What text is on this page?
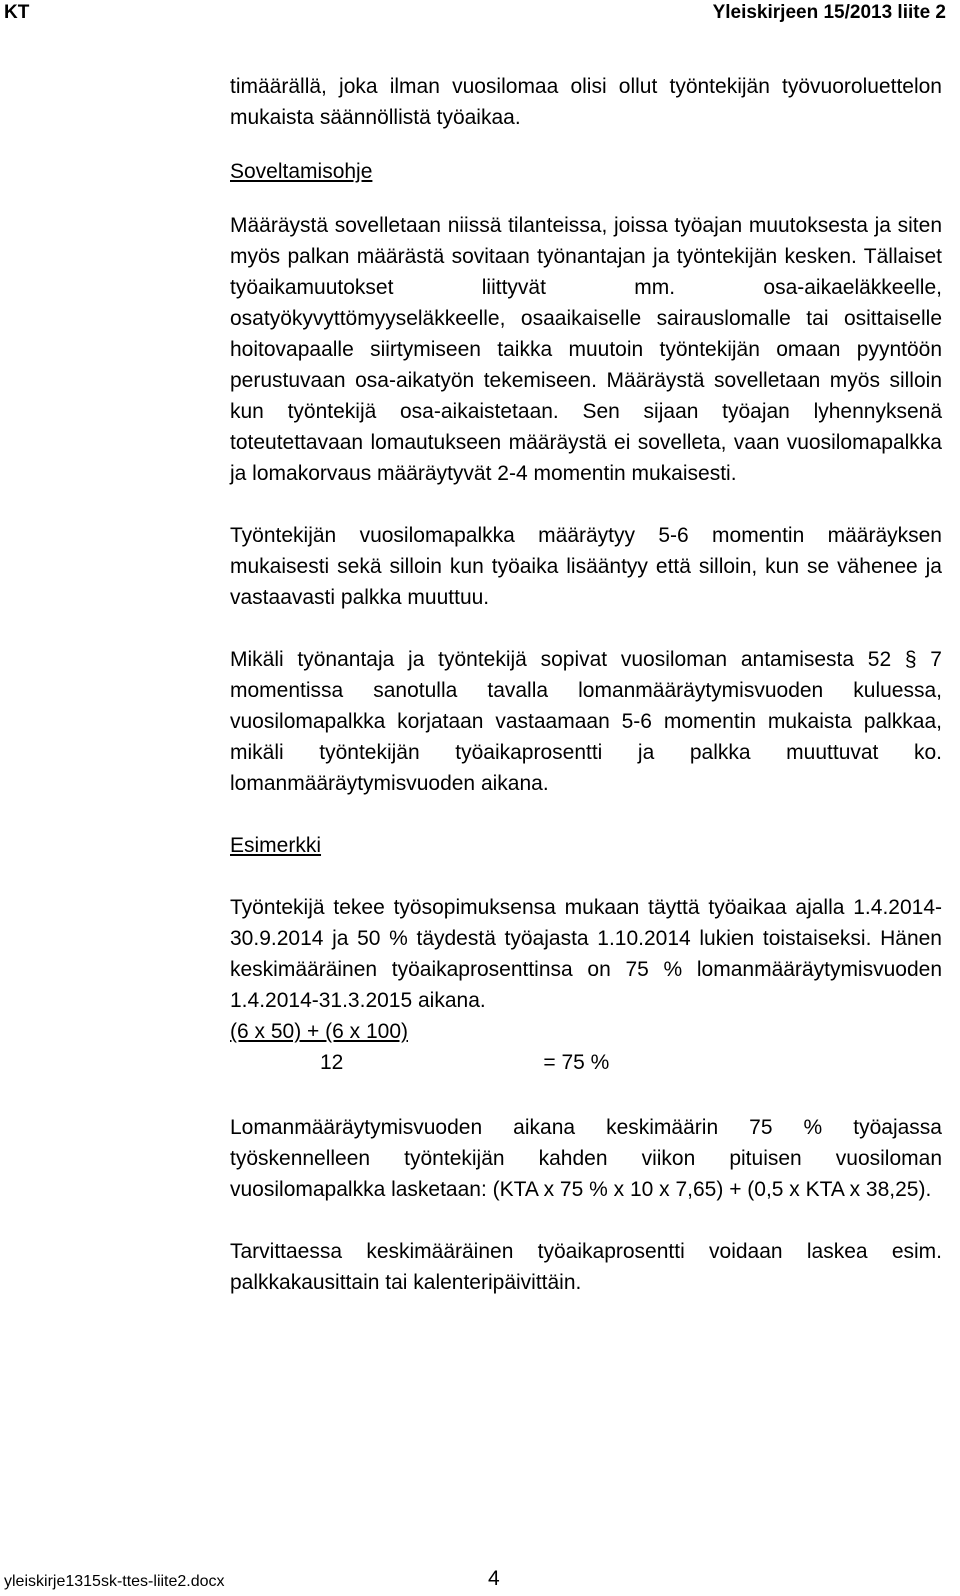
KT	Yleiskirjeen 15/2013 liite 2

timäärällä, joka ilman vuosilomaa olisi ollut työntekijän työvuoroluettelon mukaista säännöllistä työaikaa.

Soveltamisohje

Määräystä sovelletaan niissä tilanteissa, joissa työajan muutoksesta ja siten myös palkan määrästä sovitaan työnantajan ja työntekijän kesken. Tällaiset työaikamuutokset liittyvät mm. osa-aikaeläkkeelle, osatyökyvyttömyyseläkkeelle, osaaikaiselle sairauslomalle tai osittaiselle hoitovapaalle siirtymiseen taikka muutoin työntekijän omaan pyyntöön perustuvaan osa-aikatyön tekemiseen. Määräystä sovelletaan myös silloin kun työntekijä osa-aikaistetaan. Sen sijaan työajan lyhennyksenä toteutettavaan lomautukseen määräystä ei sovelleta, vaan vuosilomapalkka ja lomakorvaus määräytyvät 2-4 momentin mukaisesti.

Työntekijän vuosilomapalkka määräytyy 5-6 momentin määräyksen mukaisesti sekä silloin kun työaika lisääntyy että silloin, kun se vähenee ja vastaavasti palkka muuttuu.

Mikäli työnantaja ja työntekijä sopivat vuosiloman antamisesta 52 § 7 momentissa sanotulla tavalla lomanmääräytymisvuoden kuluessa, vuosilomapalkka korjataan vastaamaan 5-6 momentin mukaista palkkaa, mikäli työntekijän työaikaprosentti ja palkka muuttuvat ko. lomanmääräytymisvuoden aikana.

Esimerkki

Työntekijä tekee työsopimuksensa mukaan täyttä työaikaa ajalla 1.4.2014-30.9.2014 ja 50 % täydestä työajasta 1.10.2014 lukien toistaiseksi. Hänen keskimääräinen työaikaprosenttinsa on 75 % lomanmääräytymisvuoden 1.4.2014-31.3.2015 aikana.

(6 x 50) + (6 x 100)
12	= 75 %

Lomanmääräytymisvuoden aikana keskimäärin 75 % työajassa työskennelleen työntekijän kahden viikon pituisen vuosiloman vuosilomapalkka lasketaan: (KTA x 75 % x 10 x 7,65) + (0,5 x KTA x 38,25).

Tarvittaessa keskimääräinen työaikaprosentti voidaan laskea esim. palkkakausittain tai kalenteripäivittäin.

yleiskirje1315sk-ttes-liite2.docx	4
